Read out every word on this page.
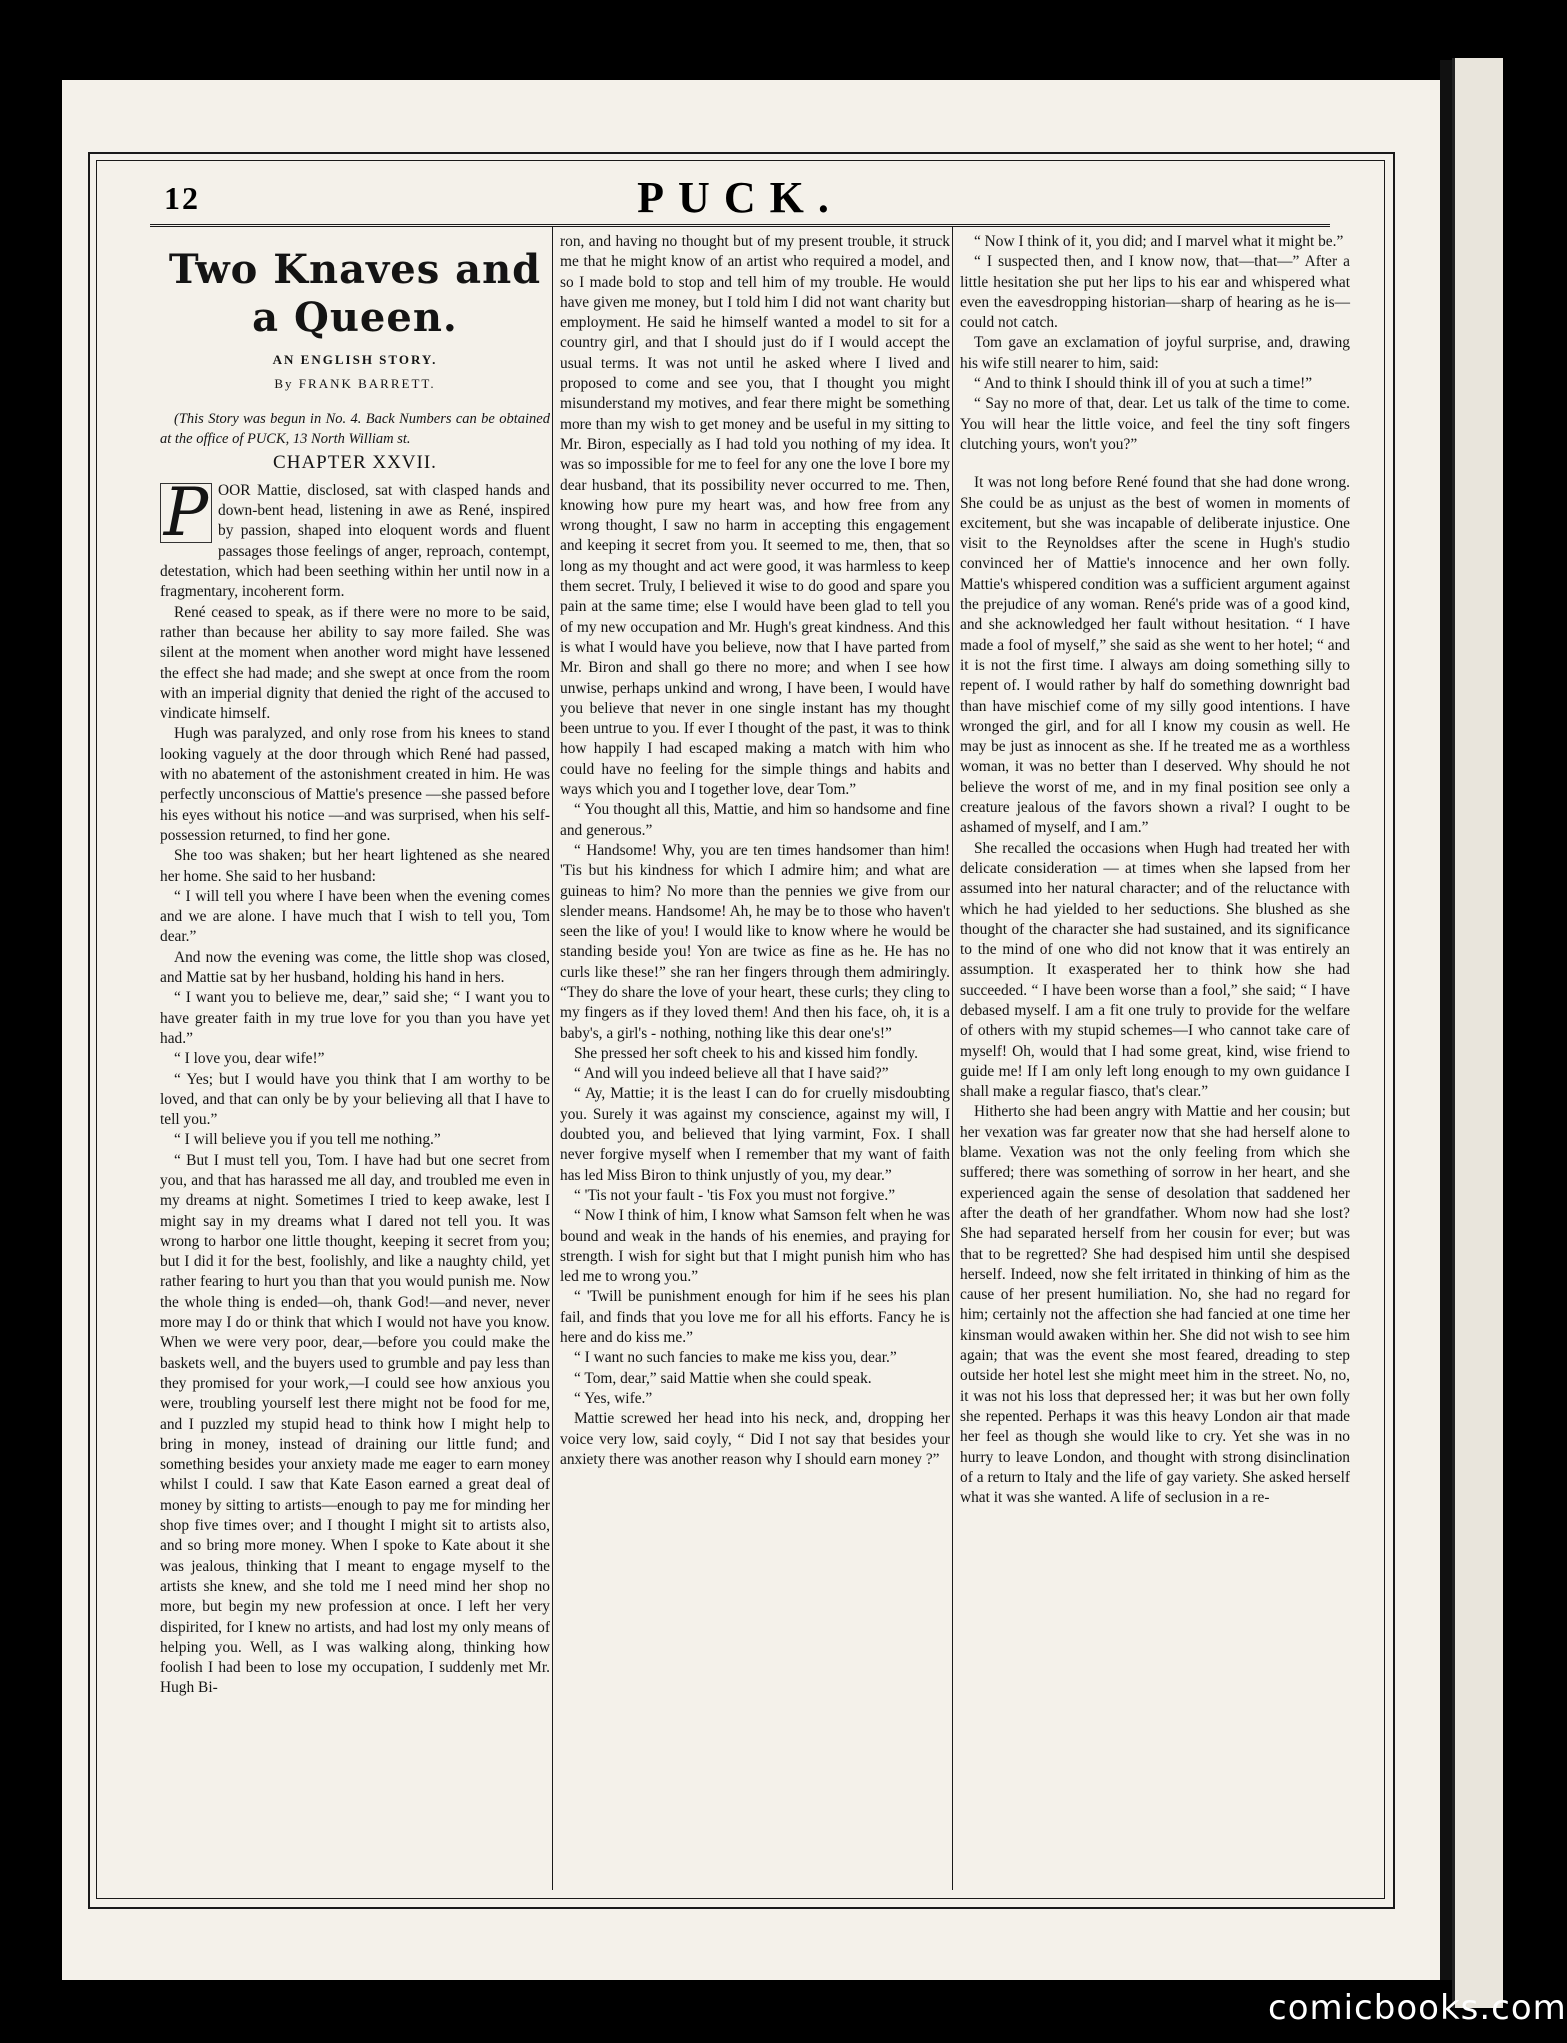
12	PUCK.
Two Knaves and a Queen.
AN ENGLISH STORY.
By FRANK BARRETT.

(This Story was begun in No. 4. Back Numbers can be obtained at the office of PUCK, 13 North William st.

CHAPTER XXVII.
P OOR Mattie, disclosed, sat with clasped hands and down-bent head, listening in awe as René, inspired by passion, shaped into eloquent words and fluent passages those feelings of anger, reproach, contempt, detestation, which had been seething within her until now in a fragmentary, incoherent form.

René ceased to speak, as if there were no more to be said, rather than because her ability to say more failed. She was silent at the moment when another word might have lessened the effect she had made; and she swept at once from the room with an imperial dignity that denied the right of the accused to vindicate himself.

Hugh was paralyzed, and only rose from his knees to stand looking vaguely at the door through which René had passed, with no abatement of the astonishment created in him. He was perfectly unconscious of Mattie's presence —she passed before his eyes without his notice —and was surprised, when his self-possession returned, to find her gone.

She too was shaken; but her heart lightened as she neared her home. She said to her husband:

“ I will tell you where I have been when the evening comes and we are alone. I have much that I wish to tell you, Tom dear.”

And now the evening was come, the little shop was closed, and Mattie sat by her husband, holding his hand in hers.

“ I want you to believe me, dear,” said she; “ I want you to have greater faith in my true love for you than you have yet had.”

“ I love you, dear wife!”

“ Yes; but I would have you think that I am worthy to be loved, and that can only be by your believing all that I have to tell you.”

“ I will believe you if you tell me nothing.”

“ But I must tell you, Tom. I have had but one secret from you, and that has harassed me all day, and troubled me even in my dreams at night. Sometimes I tried to keep awake, lest I might say in my dreams what I dared not tell you. It was wrong to harbor one little thought, keeping it secret from you; but I did it for the best, foolishly, and like a naughty child, yet rather fearing to hurt you than that you would punish me. Now the whole thing is ended—oh, thank God!—and never, never more may I do or think that which I would not have you know. When we were very poor, dear,—before you could make the baskets well, and the buyers used to grumble and pay less than they promised for your work,—I could see how anxious you were, troubling yourself lest there might not be food for me, and I puzzled my stupid head to think how I might help to bring in money, instead of draining our little fund; and something besides your anxiety made me eager to earn money whilst I could. I saw that Kate Eason earned a great deal of money by sitting to artists—enough to pay me for minding her shop five times over; and I thought I might sit to artists also, and so bring more money. When I spoke to Kate about it she was jealous, thinking that I meant to engage myself to the artists she knew, and she told me I need mind her shop no more, but begin my new profession at once. I left her very dispirited, for I knew no artists, and had lost my only means of helping you. Well, as I was walking along, thinking how foolish I had been to lose my occupation, I suddenly met Mr. Hugh Bi-

ron, and having no thought but of my present trouble, it struck me that he might know of an artist who required a model, and so I made bold to stop and tell him of my trouble. He would have given me money, but I told him I did not want charity but employment. He said he himself wanted a model to sit for a country girl, and that I should just do if I would accept the usual terms. It was not until he asked where I lived and proposed to come and see you, that I thought you might misunderstand my motives, and fear there might be something more than my wish to get money and be useful in my sitting to Mr. Biron, especially as I had told you nothing of my idea. It was so impossible for me to feel for any one the love I bore my dear husband, that its possibility never occurred to me. Then, knowing how pure my heart was, and how free from any wrong thought, I saw no harm in accepting this engagement and keeping it secret from you. It seemed to me, then, that so long as my thought and act were good, it was harmless to keep them secret. Truly, I believed it wise to do good and spare you pain at the same time; else I would have been glad to tell you of my new occupation and Mr. Hugh's great kindness. And this is what I would have you believe, now that I have parted from Mr. Biron and shall go there no more; and when I see how unwise, perhaps unkind and wrong, I have been, I would have you believe that never in one single instant has my thought been untrue to you. If ever I thought of the past, it was to think how happily I had escaped making a match with him who could have no feeling for the simple things and habits and ways which you and I together love, dear Tom.”

“ You thought all this, Mattie, and him so handsome and fine and generous.”

“ Handsome! Why, you are ten times handsomer than him! 'Tis but his kindness for which I admire him; and what are guineas to him? No more than the pennies we give from our slender means. Handsome! Ah, he may be to those who haven't seen the like of you! I would like to know where he would be standing beside you! Yon are twice as fine as he. He has no curls like these!” she ran her fingers through them admiringly. “They do share the love of your heart, these curls; they cling to my fingers as if they loved them! And then his face, oh, it is a baby's, a girl's - nothing, nothing like this dear one's!”

She pressed her soft cheek to his and kissed him fondly.

“ And will you indeed believe all that I have said?”

“ Ay, Mattie; it is the least I can do for cruelly misdoubting you. Surely it was against my conscience, against my will, I doubted you, and believed that lying varmint, Fox. I shall never forgive myself when I remember that my want of faith has led Miss Biron to think unjustly of you, my dear.”

“ 'Tis not your fault - 'tis Fox you must not forgive.”

“ Now I think of him, I know what Samson felt when he was bound and weak in the hands of his enemies, and praying for strength. I wish for sight but that I might punish him who has led me to wrong you.”

“ 'Twill be punishment enough for him if he sees his plan fail, and finds that you love me for all his efforts. Fancy he is here and do kiss me.”

“ I want no such fancies to make me kiss you, dear.”

“ Tom, dear,” said Mattie when she could speak.

“ Yes, wife.”

Mattie screwed her head into his neck, and, dropping her voice very low, said coyly, “ Did I not say that besides your anxiety there was another reason why I should earn money ?”

“ Now I think of it, you did; and I marvel what it might be.”

“ I suspected then, and I know now, that—that—” After a little hesitation she put her lips to his ear and whispered what even the eavesdropping historian—sharp of hearing as he is—could not catch.

Tom gave an exclamation of joyful surprise, and, drawing his wife still nearer to him, said:

“ And to think I should think ill of you at such a time!”

“ Say no more of that, dear. Let us talk of the time to come. You will hear the little voice, and feel the tiny soft fingers clutching yours, won't you?”

It was not long before René found that she had done wrong. She could be as unjust as the best of women in moments of excitement, but she was incapable of deliberate injustice. One visit to the Reynoldses after the scene in Hugh's studio convinced her of Mattie's innocence and her own folly. Mattie's whispered condition was a sufficient argument against the prejudice of any woman. René's pride was of a good kind, and she acknowledged her fault without hesitation. “ I have made a fool of myself,” she said as she went to her hotel; “ and it is not the first time. I always am doing something silly to repent of. I would rather by half do something downright bad than have mischief come of my silly good intentions. I have wronged the girl, and for all I know my cousin as well. He may be just as innocent as she. If he treated me as a worthless woman, it was no better than I deserved. Why should he not believe the worst of me, and in my final position see only a creature jealous of the favors shown a rival? I ought to be ashamed of myself, and I am.”

She recalled the occasions when Hugh had treated her with delicate consideration — at times when she lapsed from her assumed into her natural character; and of the reluctance with which he had yielded to her seductions. She blushed as she thought of the character she had sustained, and its significance to the mind of one who did not know that it was entirely an assumption. It exasperated her to think how she had succeeded. “ I have been worse than a fool,” she said; “ I have debased myself. I am a fit one truly to provide for the welfare of others with my stupid schemes—I who cannot take care of myself! Oh, would that I had some great, kind, wise friend to guide me! If I am only left long enough to my own guidance I shall make a regular fiasco, that's clear.”

Hitherto she had been angry with Mattie and her cousin; but her vexation was far greater now that she had herself alone to blame. Vexation was not the only feeling from which she suffered; there was something of sorrow in her heart, and she experienced again the sense of desolation that saddened her after the death of her grandfather. Whom now had she lost? She had separated herself from her cousin for ever; but was that to be regretted? She had despised him until she despised herself. Indeed, now she felt irritated in thinking of him as the cause of her present humiliation. No, she had no regard for him; certainly not the affection she had fancied at one time her kinsman would awaken within her. She did not wish to see him again; that was the event she most feared, dreading to step outside her hotel lest she might meet him in the street. No, no, it was not his loss that depressed her; it was but her own folly she repented. Perhaps it was this heavy London air that made her feel as though she would like to cry. Yet she was in no hurry to leave London, and thought with strong disinclination of a return to Italy and the life of gay variety. She asked herself what it was she wanted. A life of seclusion in a re-

comicbooks.com
